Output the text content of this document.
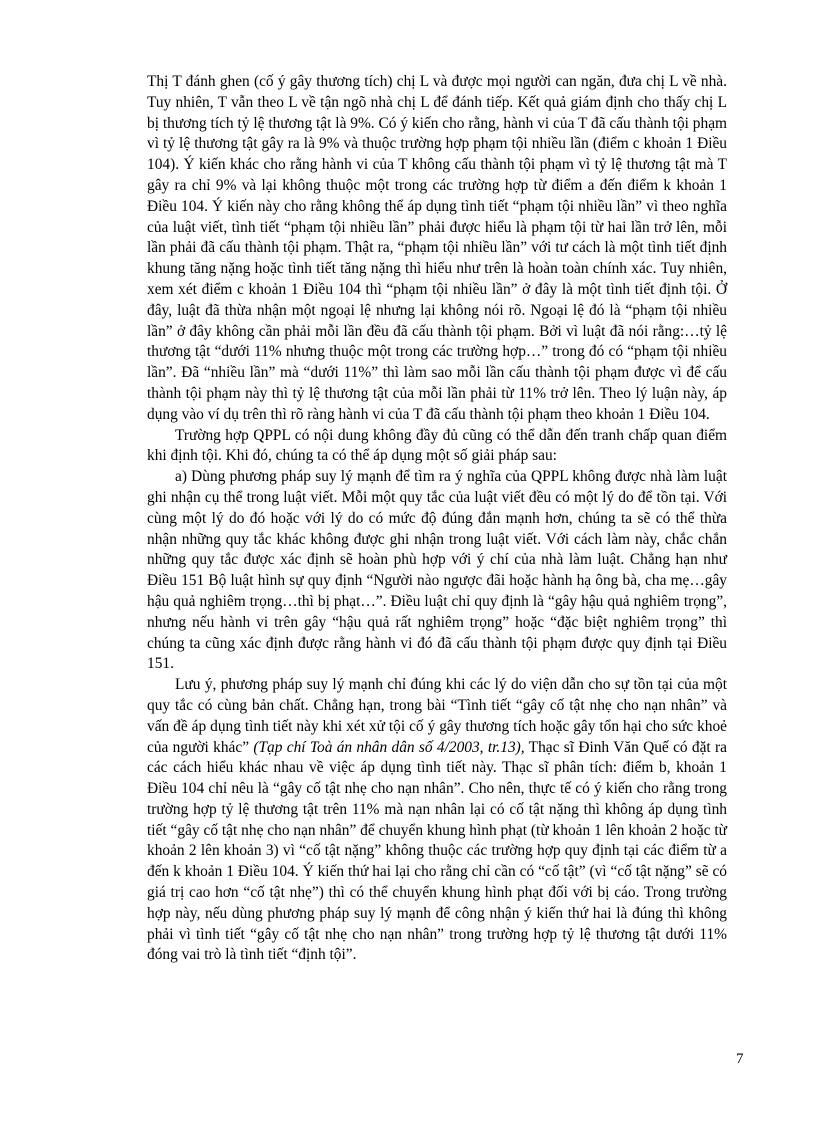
Thị T đánh ghen (cố ý gây thương tích) chị L và được mọi người can ngăn, đưa chị L về nhà. Tuy nhiên, T vẫn theo L về tận ngõ nhà chị L để đánh tiếp. Kết quả giám định cho thấy chị L bị thương tích tỷ lệ thương tật là 9%. Có ý kiến cho rằng, hành vi của T đã cấu thành tội phạm vì tỷ lệ thương tật gây ra là 9% và thuộc trường hợp phạm tội nhiều lần (điểm c khoản 1 Điều 104). Ý kiến khác cho rằng hành vi của T không cấu thành tội phạm vì tỷ lệ thương tật mà T gây ra chỉ 9% và lại không thuộc một trong các trường hợp từ điểm a đến điểm k khoản 1 Điều 104. Ý kiến này cho rằng không thể áp dụng tình tiết “phạm tội nhiều lần” vì theo nghĩa của luật viết, tình tiết “phạm tội nhiều lần” phải được hiểu là phạm tội từ hai lần trở lên, mỗi lần phải đã cấu thành tội phạm. Thật ra, “phạm tội nhiều lần” với tư cách là một tình tiết định khung tăng nặng hoặc tình tiết tăng nặng thì hiểu như trên là hoàn toàn chính xác. Tuy nhiên, xem xét điểm c khoản 1 Điều 104 thì “phạm tội nhiều lần” ở đây là một tình tiết định tội. Ở đây, luật đã thừa nhận một ngoại lệ nhưng lại không nói rõ. Ngoại lệ đó là “phạm tội nhiều lần” ở đây không cần phải mỗi lần đều đã cấu thành tội phạm. Bởi vì luật đã nói rằng:…tỷ lệ thương tật “dưới 11% nhưng thuộc một trong các trường hợp…” trong đó có “phạm tội nhiều lần”. Đã “nhiều lần” mà “dưới 11%” thì làm sao mỗi lần cấu thành tội phạm được vì để cấu thành tội phạm này thì tỷ lệ thương tật của mỗi lần phải từ 11% trở lên. Theo lý luận này, áp dụng vào ví dụ trên thì rõ ràng hành vi của T đã cấu thành tội phạm theo khoản 1 Điều 104.

Trường hợp QPPL có nội dung không đầy đủ cũng có thể dẫn đến tranh chấp quan điểm khi định tội. Khi đó, chúng ta có thể áp dụng một số giải pháp sau:

a) Dùng phương pháp suy lý mạnh để tìm ra ý nghĩa của QPPL không được nhà làm luật ghi nhận cụ thể trong luật viết. Mỗi một quy tắc của luật viết đều có một lý do để tồn tại. Với cùng một lý do đó hoặc với lý do có mức độ đúng đắn mạnh hơn, chúng ta sẽ có thể thừa nhận những quy tắc khác không được ghi nhận trong luật viết. Với cách làm này, chắc chắn những quy tắc được xác định sẽ hoàn phù hợp với ý chí của nhà làm luật. Chẳng hạn như Điều 151 Bộ luật hình sự quy định “Người nào ngược đãi hoặc hành hạ ông bà, cha mẹ…gây hậu quả nghiêm trọng…thì bị phạt…”. Điều luật chỉ quy định là “gây hậu quả nghiêm trọng”, nhưng nếu hành vi trên gây “hậu quả rất nghiêm trọng” hoặc “đặc biệt nghiêm trọng” thì chúng ta cũng xác định được rằng hành vi đó đã cấu thành tội phạm được quy định tại Điều 151.

Lưu ý, phương pháp suy lý mạnh chỉ đúng khi các lý do viện dẫn cho sự tồn tại của một quy tắc có cùng bản chất. Chẳng hạn, trong bài “Tình tiết “gây cố tật nhẹ cho nạn nhân” và vấn đề áp dụng tình tiết này khi xét xử tội cố ý gây thương tích hoặc gây tổn hại cho sức khoẻ của người khác” (Tạp chí Toà án nhân dân số 4/2003, tr.13), Thạc sĩ Đinh Văn Quế có đặt ra các cách hiểu khác nhau về việc áp dụng tình tiết này. Thạc sĩ phân tích: điểm b, khoản 1 Điều 104 chỉ nêu là “gây cố tật nhẹ cho nạn nhân”. Cho nên, thực tế có ý kiến cho rằng trong trường hợp tỷ lệ thương tật trên 11% mà nạn nhân lại có cố tật nặng thì không áp dụng tình tiết “gây cố tật nhẹ cho nạn nhân” để chuyển khung hình phạt (từ khoản 1 lên khoản 2 hoặc từ khoản 2 lên khoản 3) vì “cố tật nặng” không thuộc các trường hợp quy định tại các điểm từ a đến k khoản 1 Điều 104. Ý kiến thứ hai lại cho rằng chỉ cần có “cố tật” (vì “cố tật nặng” sẽ có giá trị cao hơn “cố tật nhẹ”) thì có thể chuyển khung hình phạt đối với bị cáo. Trong trường hợp này, nếu dùng phương pháp suy lý mạnh để công nhận ý kiến thứ hai là đúng thì không phải vì tình tiết “gây cố tật nhẹ cho nạn nhân” trong trường hợp tỷ lệ thương tật dưới 11% đóng vai trò là tình tiết “định tội”.

7
